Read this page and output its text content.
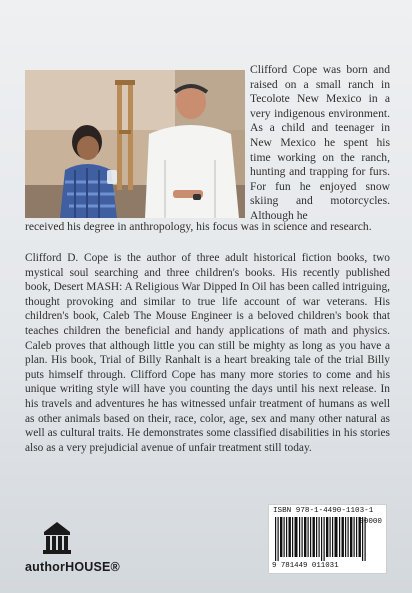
Clifford Cope was born and raised on a small ranch in Tecolote New Mexico in a very indigenous environment. As a child and teenager in New Mexico he spent his time working on the ranch, hunting and trapping for furs. For fun he enjoyed snow skiing and motorcycles. Although he

received his degree in anthropology, his focus was in science and research.

Clifford D. Cope is the author of three adult historical fiction books, two mystical soul searching and three children's books. His recently published book, Desert MASH: A Religious War Dipped In Oil has been called intriguing, thought provoking and similar to true life account of war veterans. His children's book, Caleb The Mouse Engineer is a beloved children's book that teaches children the beneficial and handy applications of math and physics. Caleb proves that although little you can still be mighty as long as you have a plan. His book, Trial of Billy Ranhalt is a heart breaking tale of the trial Billy puts himself through. Clifford Cope has many more stories to come and his unique writing style will have you counting the days until his next release. In his travels and adventures he has witnessed unfair treatment of humans as well as other animals based on their, race, color, age, sex and many other natural as well as cultural traits. He demonstrates some classified disabilities in his stories also as a very prejudicial avenue of unfair treatment still today.

authorHOUSE®
ISBN 978-1-4490-1103-1
90000
9 781449 011031
